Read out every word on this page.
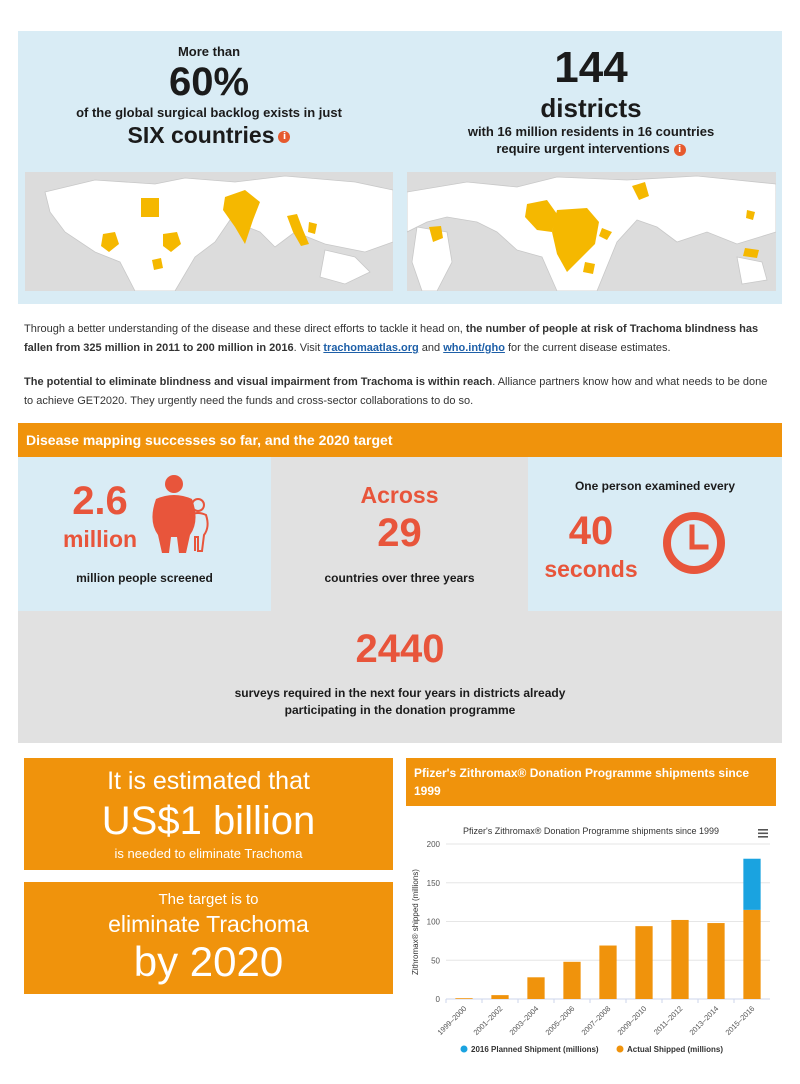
More than
60%
of the global surgical backlog exists in just
SIX countries i
144
districts
with 16 million residents in 16 countries
require urgent interventions i

Through a better understanding of the disease and these direct efforts to tackle it head on, the number of people at risk of Trachoma blindness has fallen from 325 million in 2011 to 200 million in 2016. Visit trachomaatlas.org and who.int/gho for the current disease estimates.

The potential to eliminate blindness and visual impairment from Trachoma is within reach. Alliance partners know how and what needs to be done to achieve GET2020. They urgently need the funds and cross-sector collaborations to do so.

Disease mapping successes so far, and the 2020 target
2.6
million
million people screened
Across
29
countries over three years
One person examined every
40
seconds
2440
surveys required in the next four years in districts already
participating in the donation programme
It is estimated that
US$1 billion
is needed to eliminate Trachoma
The target is to
eliminate Trachoma
by 2020
Pfizer's Zithromax® Donation Programme shipments since 1999
Pfizer's Zithromax® Donation Programme shipments since 1999
Zithromax® shipped (millions)
0
50
100
150
200
1999–2000 2001–2002 2003–2004 2005–2006 2007–2008 2009–2010 2011–2012 2013–2014 2015–2016
2016 Planned Shipment (millions)	Actual Shipped (millions)
